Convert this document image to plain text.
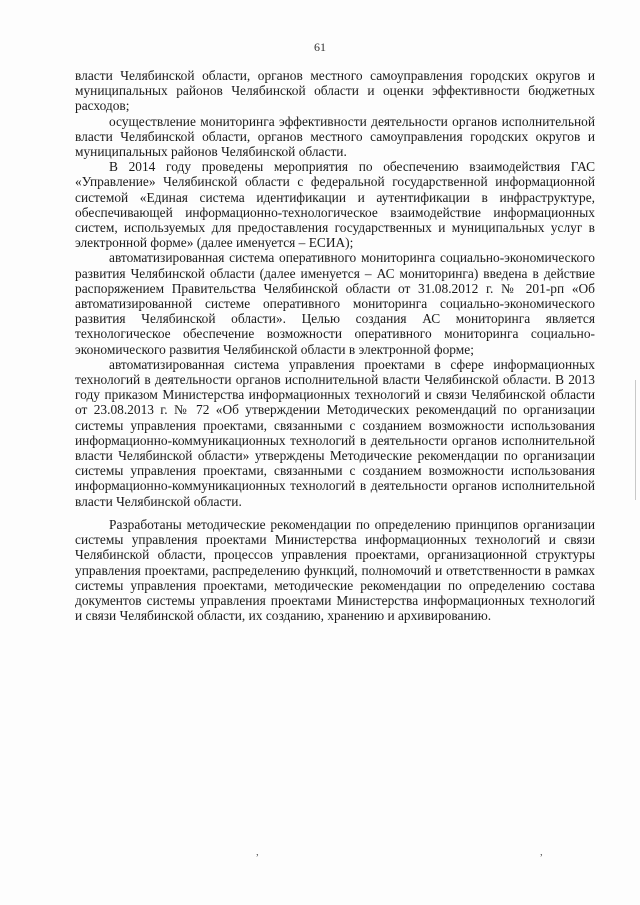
61

власти Челябинской области, органов местного самоуправления городских округов и муниципальных районов Челябинской области и оценки эффективности бюджетных расходов;

осуществление мониторинга эффективности деятельности органов исполнительной власти Челябинской области, органов местного самоуправления городских округов и муниципальных районов Челябинской области.

В 2014 году проведены мероприятия по обеспечению взаимодействия ГАС «Управление» Челябинской области с федеральной государственной информационной системой «Единая система идентификации и аутентификации в инфраструктуре, обеспечивающей информационно-технологическое взаимодействие информационных систем, используемых для предоставления государственных и муниципальных услуг в электронной форме» (далее именуется – ЕСИА);

автоматизированная система оперативного мониторинга социально-экономического развития Челябинской области (далее именуется – АС мониторинга) введена в действие распоряжением Правительства Челябинской области от 31.08.2012 г. № 201-рп «Об автоматизированной системе оперативного мониторинга социально-экономического развития Челябинской области». Целью создания АС мониторинга является технологическое обеспечение возможности оперативного мониторинга социально-экономического развития Челябинской области в электронной форме;

автоматизированная система управления проектами в сфере информационных технологий в деятельности органов исполнительной власти Челябинской области. В 2013 году приказом Министерства информационных технологий и связи Челябинской области от 23.08.2013 г. № 72 «Об утверждении Методических рекомендаций по организации системы управления проектами, связанными с созданием возможности использования информационно-коммуникационных технологий в деятельности органов исполнительной власти Челябинской области» утверждены Методические рекомендации по организации системы управления проектами, связанными с созданием возможности использования информационно-коммуникационных технологий в деятельности органов исполнительной власти Челябинской области.

Разработаны методические рекомендации по определению принципов организации системы управления проектами Министерства информационных технологий и связи Челябинской области, процессов управления проектами, организационной структуры управления проектами, распределению функций, полномочий и ответственности в рамках системы управления проектами, методические рекомендации по определению состава документов системы управления проектами Министерства информационных технологий и связи Челябинской области, их созданию, хранению и архивированию.

,	,
